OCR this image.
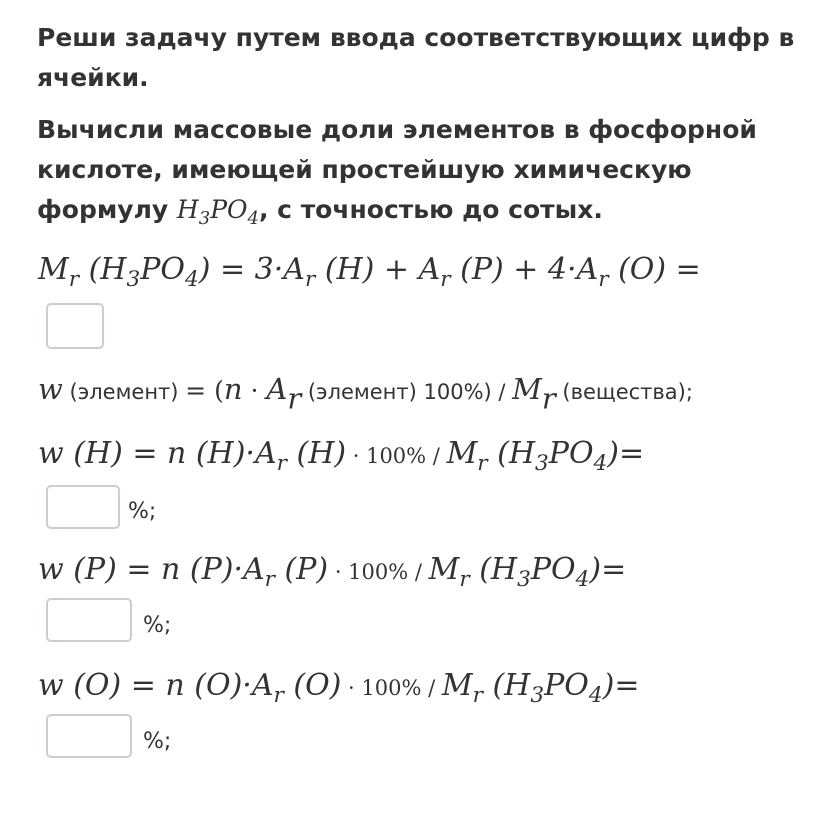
Реши задачу путем ввода соответствующих цифр в ячейки.
Вычисли массовые доли элементов в фосфорной кислоте, имеющей простейшую химическую формулу $H_3PO_4$, с точностью до сотых.
$M_r$ $(H_3PO_4) = 3\cdot A_r$ $(H) + A_r$ $(P) + 4\cdot A_r$ (O) =
w (элемент) = ($n \cdot A_r$ (элемент) $100\%) / M_r$ (вещества);
w (H) = n $(H)\cdot A_r$ $(H) \cdot 100\% / M_r$ $(H_3PO_4)=$
%;
w (P) = n $(P)\cdot A_r$ $(P) \cdot 100\% / M_r$ $(H_3PO_4)=$
%;
w (O) = n $(O)\cdot A_r$ $(O) \cdot 100\% / M_r$ $(H_3PO_4)=$
%;
